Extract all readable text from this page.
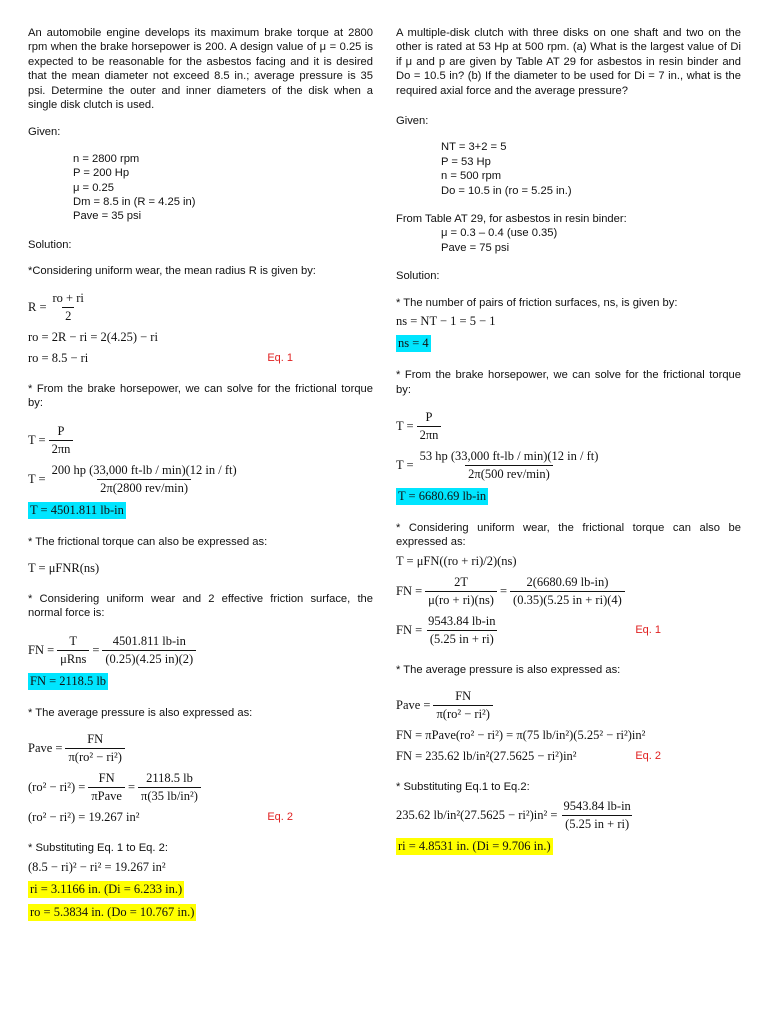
An automobile engine develops its maximum brake torque at 2800 rpm when the brake horsepower is 200. A design value of μ = 0.25 is expected to be reasonable for the asbestos facing and it is desired that the mean diameter not exceed 8.5 in.; average pressure is 35 psi. Determine the outer and inner diameters of the disk when a single disk clutch is used.

Given:

n = 2800 rpm
P = 200 Hp
μ = 0.25
Dm = 8.5 in (R = 4.25 in)
Pave = 35 psi

Solution:

*Considering uniform wear, the mean radius R is given by:

$R = \frac{ro + ri}{2}$
ro = 2R − ri = 2(4.25) − ri
ro = 8.5 − ri	Eq. 1

* From the brake horsepower, we can solve for the frictional torque by:

$T = \frac{P}{2\pi n}$
$T = \frac{200 hp (33,000 ft-lb / \min)(12 in / ft)}{\text{2π(2800 rev/min)}}$
T = 4501.811 lb-in

* The frictional torque can also be expressed as:

T = μFNR(ns)

* Considering uniform wear and 2 effective friction surface, the normal force is:

FN = $\frac{T}{\text{μRns}} = \frac{4501.811 lb-in}{(0.25)(4.25 in)(2)}$
FN = 2118.5 lb

* The average pressure is also expressed as:

Pave = $\frac{FN}{\text{π(ro² − ri²)}}$
$(ro^2 - ri^2) = \frac{FN}{\text{πPave}} = \frac{2118.5 lb}{\text{π(35 lb/in²)}}$
(ro² − ri²) = 19.267 in²	Eq. 2

* Substituting Eq. 1 to Eq. 2:

(8.5 − ri)² − ri² = 19.267 in²
ri = 3.1166 in. (Di = 6.233 in.)
ro = 5.3834 in. (Do = 10.767 in.)

A multiple-disk clutch with three disks on one shaft and two on the other is rated at 53 Hp at 500 rpm. (a) What is the largest value of Di if μ and p are given by Table AT 29 for asbestos in resin binder and Do = 10.5 in? (b) If the diameter to be used for Di = 7 in., what is the required axial force and the average pressure?

Given:

NT = 3+2 = 5
P = 53 Hp
n = 500 rpm
Do = 10.5 in (ro = 5.25 in.)

From Table AT 29, for asbestos in resin binder:

μ = 0.3 – 0.4 (use 0.35)
Pave = 75 psi

Solution:

* The number of pairs of friction surfaces, ns, is given by:

ns = NT − 1 = 5 − 1
ns = 4

* From the brake horsepower, we can solve for the frictional torque by:

$T = \frac{P}{2\pi n}$
$T = \frac{53 hp (33,000 ft-lb / \min)(12 in / ft)}{\text{2π(500 rev/min)}}$
T = 6680.69 lb-in

* Considering uniform wear, the frictional torque can also be expressed as:

T = μFN((ro + ri)/2)(ns)
FN = $\frac{2T}{\mu(ro + ri)(ns)} = \frac{2(6680.69 lb-in)}{(0.35)(5.25 in + ri)(4)}$
FN = $\frac{9543.84 lb-in}{(5.25 in + ri)}$	Eq. 1

* The average pressure is also expressed as:

Pave = $\frac{FN}{\text{π(ro² − ri²)}}$
FN = πPave(ro² − ri²) = π(75 lb/in²)(5.25² − ri²)in²
FN = 235.62 lb/in²(27.5625 − ri²)in²	Eq. 2

* Substituting Eq.1 to Eq.2:

235.62 $lb/in^2(27.5625 - ri^2)in^2 = \frac{9543.84 lb-in}{(5.25 in + ri)}$
ri = 4.8531 in. (Di = 9.706 in.)
